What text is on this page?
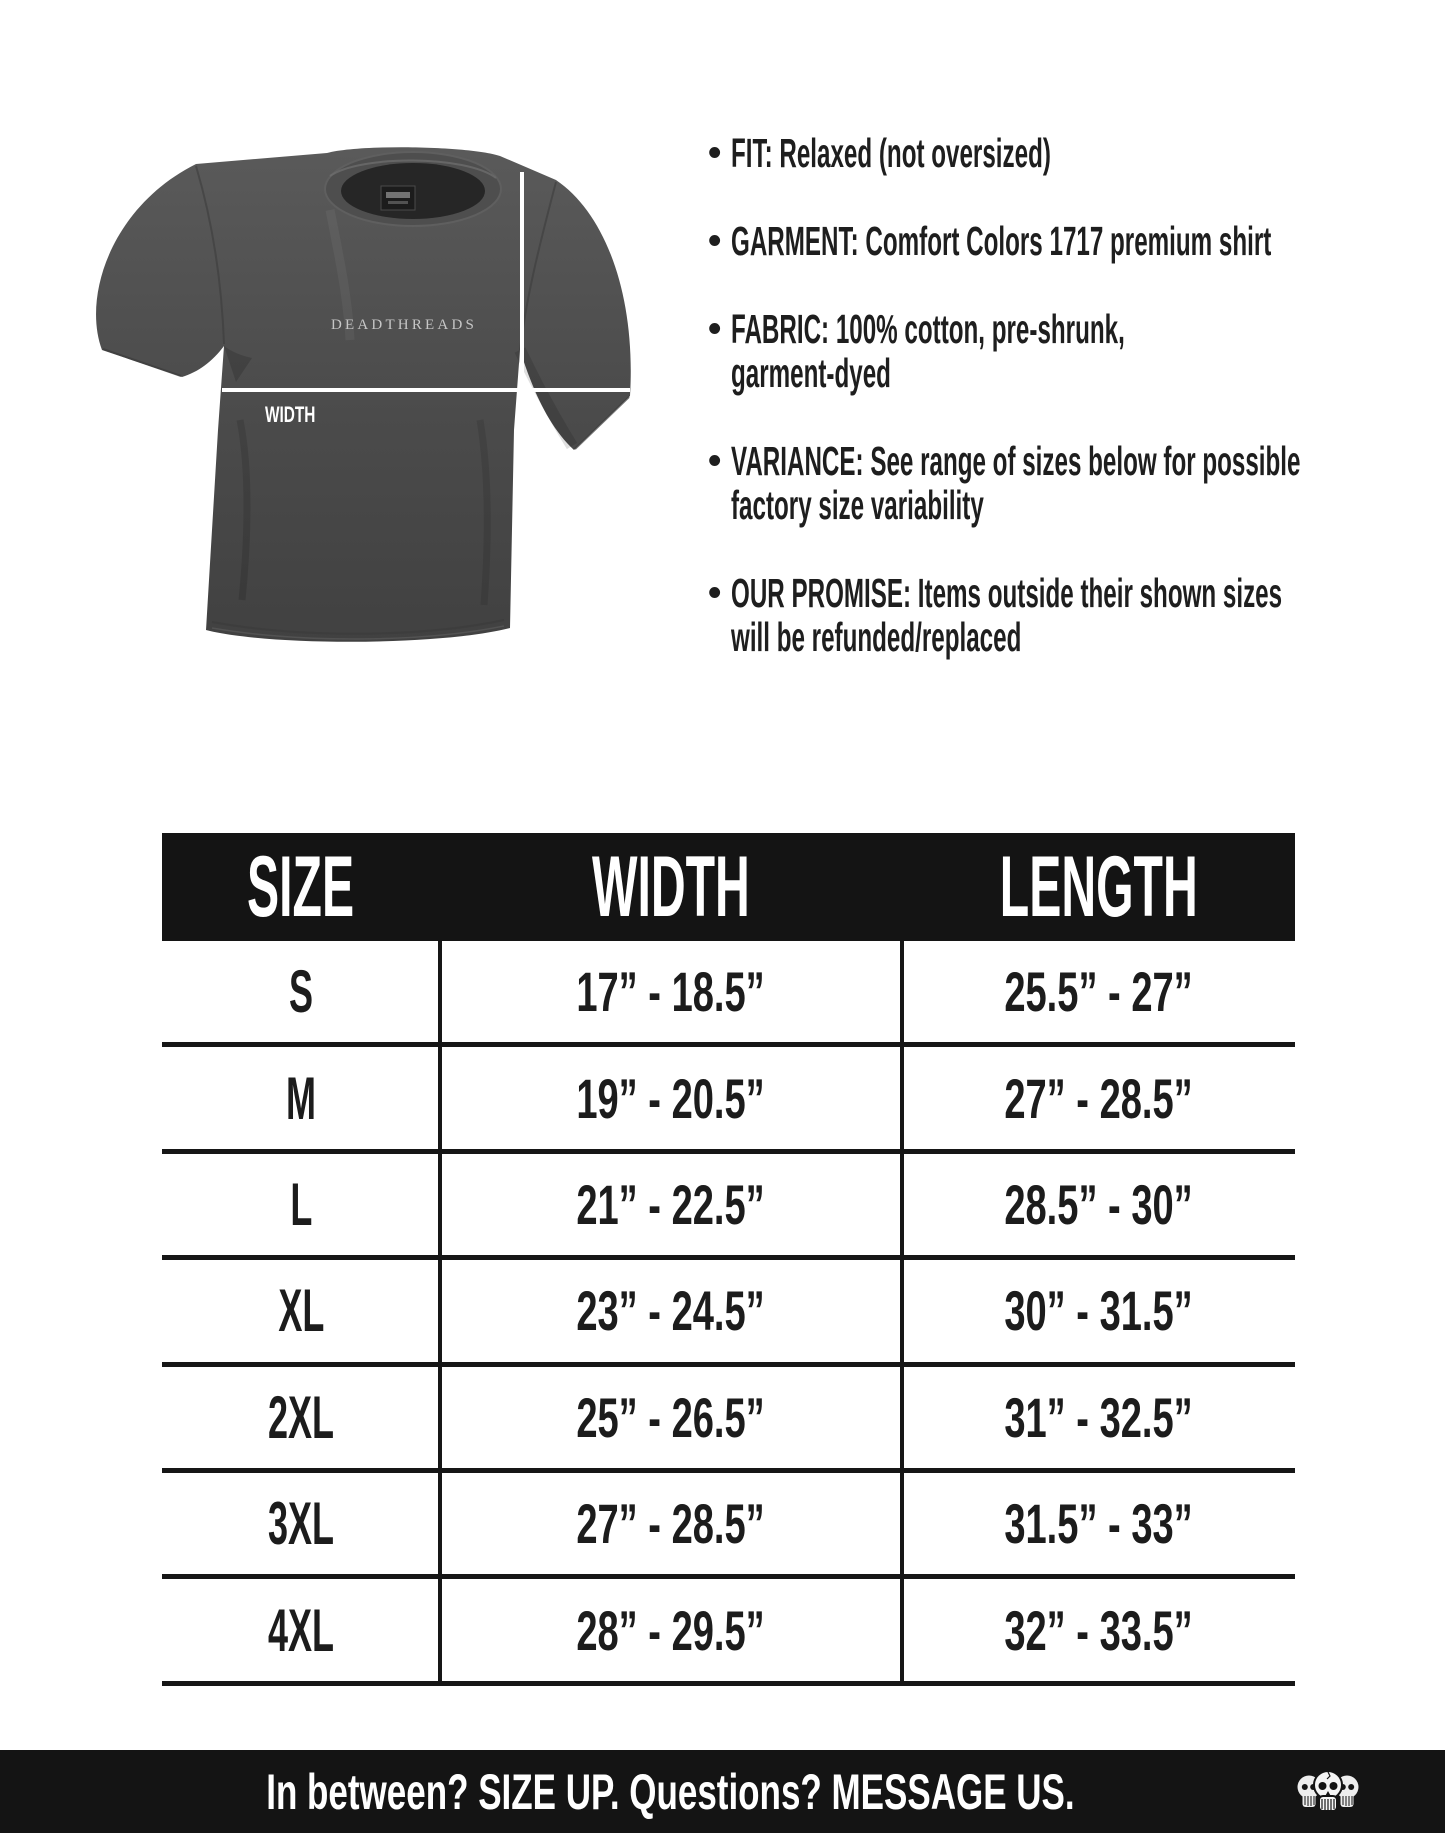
DEADTHREADS
WIDTH
LENGTH
• FIT: Relaxed (not oversized)
• GARMENT: Comfort Colors 1717 premium shirt
• FABRIC: 100% cotton, pre-shrunk,
garment-dyed
• VARIANCE: See range of sizes below for possible
factory size variability
• OUR PROMISE: Items outside their shown sizes
will be refunded/replaced
SIZE	WIDTH	LENGTH
S	17” - 18.5”	25.5” - 27”
M	19” - 20.5”	27” - 28.5”
L	21” - 22.5”	28.5” - 30”
XL	23” - 24.5”	30” - 31.5”
2XL	25” - 26.5”	31” - 32.5”
3XL	27” - 28.5”	31.5” - 33”
4XL	28” - 29.5”	32” - 33.5”
In between? SIZE UP. Questions? MESSAGE US.
